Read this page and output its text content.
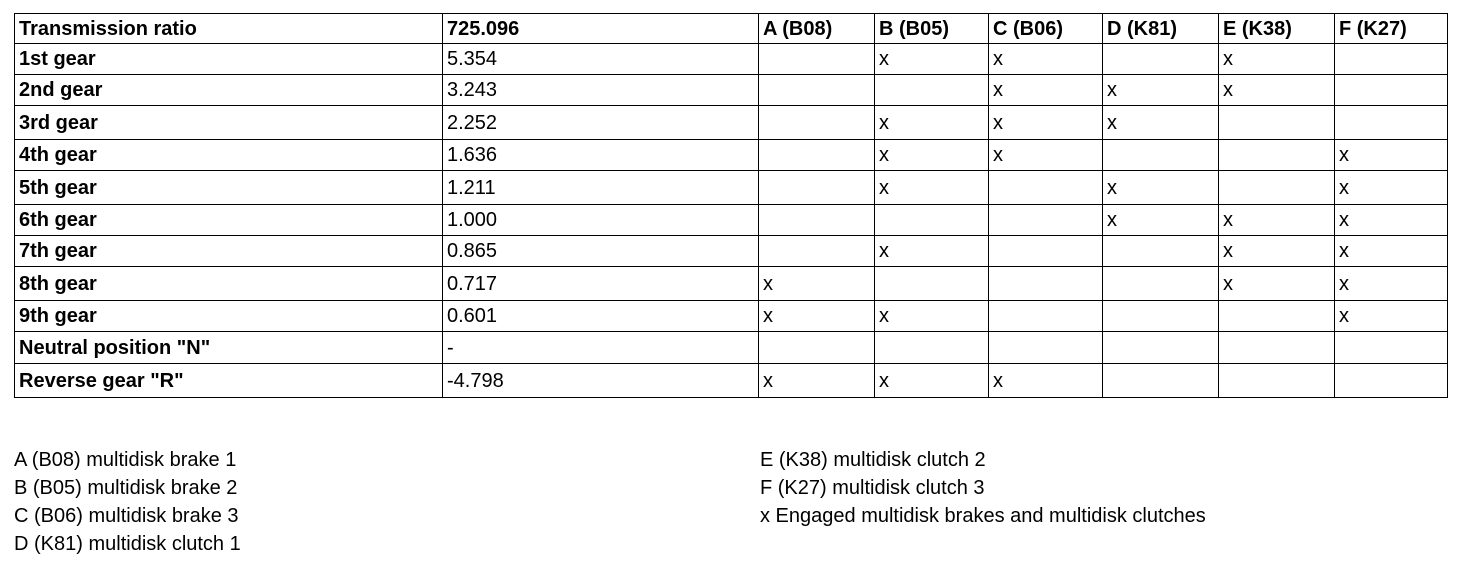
Transmission ratio	725.096	A (B08)	B (B05)	C (B06)	D (K81)	E (K38)	F (K27)
1st gear	5.354		x	x		x	
2nd gear	3.243			x	x	x	
3rd gear	2.252		x	x	x		
4th gear	1.636		x	x			x
5th gear	1.211		x		x		x
6th gear	1.000				x	x	x
7th gear	0.865		x			x	x
8th gear	0.717	x				x	x
9th gear	0.601	x	x				x
Neutral position "N"	-						
Reverse gear "R"	-4.798	x	x	x			
A (B08) multidisk brake 1
B (B05) multidisk brake 2
C (B06) multidisk brake 3
D (K81) multidisk clutch 1
E (K38) multidisk clutch 2
F (K27) multidisk clutch 3
x Engaged multidisk brakes and multidisk clutches
